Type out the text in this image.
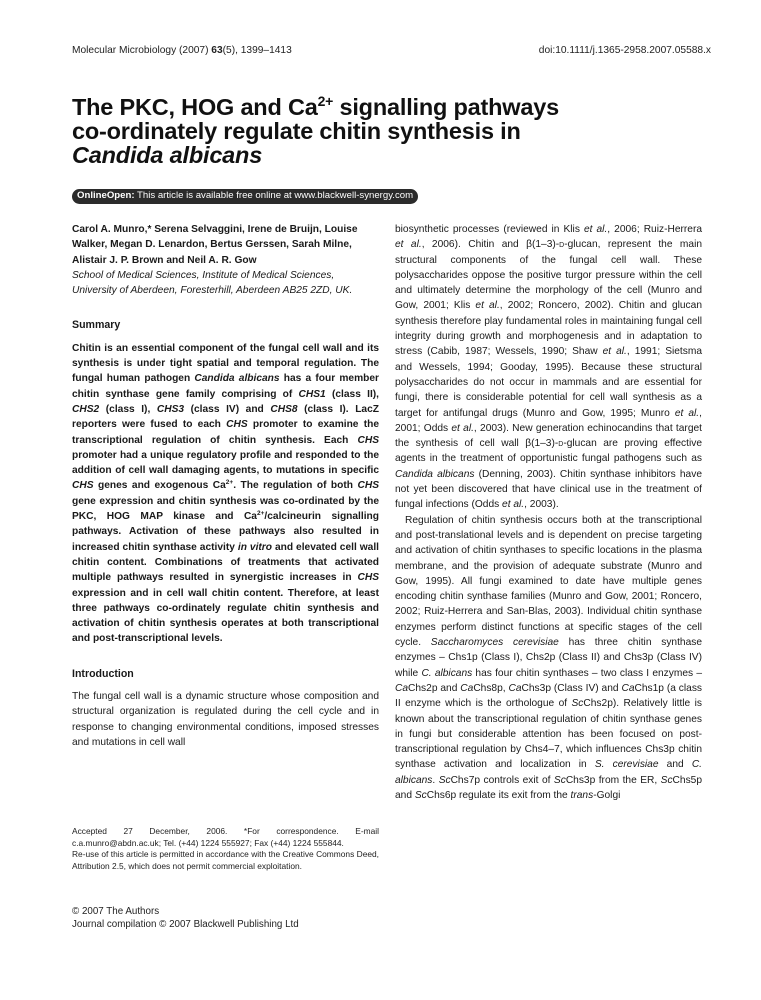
Molecular Microbiology (2007) 63(5), 1399–1413	doi:10.1111/j.1365-2958.2007.05588.x
The PKC, HOG and $Ca^{2+}$ signalling pathways
co-ordinately regulate chitin synthesis in
Candida albicans
OnlineOpen: This article is available free online at www.blackwell-synergy.com
Carol A. Munro,* Serena Selvaggini, Irene de Bruijn, Louise Walker, Megan D. Lenardon, Bertus Gerssen, Sarah Milne, Alistair J. P. Brown and Neil A. R. Gow
School of Medical Sciences, Institute of Medical Sciences, University of Aberdeen, Foresterhill, Aberdeen AB25 2ZD, UK.
Summary
Chitin is an essential component of the fungal cell wall and its synthesis is under tight spatial and temporal regulation. The fungal human pathogen Candida albicans has a four member chitin synthase gene family comprising of CHS1 (class II), CHS2 (class I), CHS3 (class IV) and CHS8 (class I). LacZ reporters were fused to each CHS promoter to examine the transcriptional regulation of chitin synthesis. Each CHS promoter had a unique regulatory profile and responded to the addition of cell wall damaging agents, to mutations in specific CHS genes and exogenous $Ca^{2+}$. The regulation of both CHS gene expression and chitin synthesis was co-ordinated by the PKC, HOG MAP kinase and $Ca^{2+}$/calcineurin signalling pathways. Activation of these pathways also resulted in increased chitin synthase activity in vitro and elevated cell wall chitin content. Combinations of treatments that activated multiple pathways resulted in synergistic increases in CHS expression and in cell wall chitin content. Therefore, at least three pathways co-ordinately regulate chitin synthesis and activation of chitin synthesis operates at both transcriptional and post-transcriptional levels.
Introduction

The fungal cell wall is a dynamic structure whose composition and structural organization is regulated during the cell cycle and in response to changing environmental conditions, imposed stresses and mutations in cell wall

Accepted 27 December, 2006. *For correspondence. E-mail c.a.munro@abdn.ac.uk; Tel. (+44) 1224 555927; Fax (+44) 1224 555844.

Re-use of this article is permitted in accordance with the Creative Commons Deed, Attribution 2.5, which does not permit commercial exploitation.

© 2007 The Authors
Journal compilation © 2007 Blackwell Publishing Ltd

biosynthetic processes (reviewed in Klis et al., 2006; Ruiz-Herrera et al., 2006). Chitin and β(1–3)-d-glucan, represent the main structural components of the fungal cell wall. These polysaccharides oppose the positive turgor pressure within the cell and ultimately determine the morphology of the cell (Munro and Gow, 2001; Klis et al., 2002; Roncero, 2002). Chitin and glucan synthesis therefore play fundamental roles in maintaining fungal cell integrity during growth and morphogenesis and in adaptation to stress (Cabib, 1987; Wessels, 1990; Shaw et al., 1991; Sietsma and Wessels, 1994; Gooday, 1995). Because these structural polysaccharides do not occur in mammals and are essential for fungi, there is considerable potential for cell wall synthesis as a target for antifungal drugs (Munro and Gow, 1995; Munro et al., 2001; Odds et al., 2003). New generation echinocandins that target the synthesis of cell wall β(1–3)-d-glucan are proving effective agents in the treatment of opportunistic fungal pathogens such as Candida albicans (Denning, 2003). Chitin synthase inhibitors have not yet been discovered that have clinical use in the treatment of fungal infections (Odds et al., 2003).

Regulation of chitin synthesis occurs both at the transcriptional and post-translational levels and is dependent on precise targeting and activation of chitin synthases to specific locations in the plasma membrane, and the provision of adequate substrate (Munro and Gow, 1995). All fungi examined to date have multiple genes encoding chitin synthase families (Munro and Gow, 2001; Roncero, 2002; Ruiz-Herrera and San-Blas, 2003). Individual chitin synthase enzymes perform distinct functions at specific stages of the cell cycle. Saccharomyces cerevisiae has three chitin synthase enzymes – Chs1p (Class I), Chs2p (Class II) and Chs3p (Class IV) while C. albicans has four chitin synthases – two class I enzymes – CaChs2p and CaChs8p, CaChs3p (Class IV) and CaChs1p (a class II enzyme which is the orthologue of ScChs2p). Relatively little is known about the transcriptional regulation of chitin synthase genes in fungi but considerable attention has been focused on post-transcriptional regulation by Chs4–7, which influences Chs3p chitin synthase activation and localization in S. cerevisiae and C. albicans. ScChs7p controls exit of ScChs3p from the ER, ScChs5p and ScChs6p regulate its exit from the trans-Golgi
